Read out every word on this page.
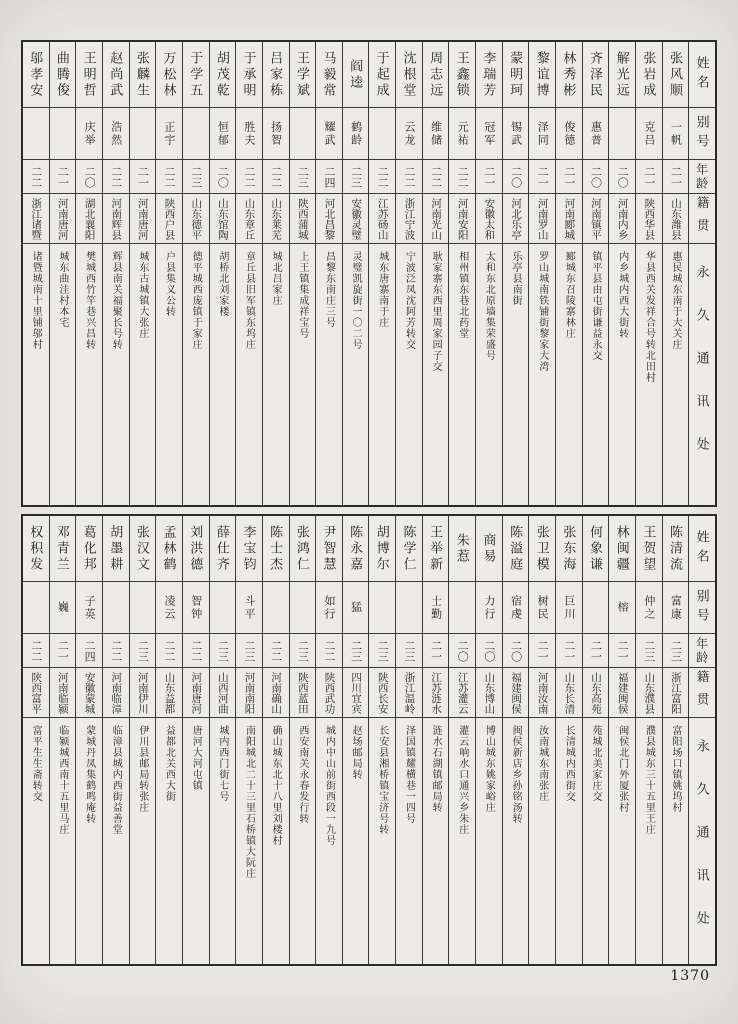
姓名
别号
年龄
籍贯
永久通讯处
张风顺
一帆
二一
山东潍县
惠民城东南于大关庄
张岩成
克吕
二一
陕西华县
华县西关发祥合号转北田村
解光远
二〇
河南内乡
内乡城内西大街转
齐泽民
惠普
二〇
河南镇平
镇平县由屯街谦益永交
林秀彬
俊德
二一
河南郾城
郾城东召陵寨林庄
黎谊博
泽同
二一
河南罗山
罗山城南铁铺街黎家大湾
蒙明珂
锡武
二〇
河北乐亭
乐亭县南街
李瑞芳
冠军
二一
安徽太和
太和东北原墙集荣盛号
王鑫锁
元祐
二二
河南安阳
相州镇东巷北药堂
周志远
维储
二二
河南光山
耿家寨东西里周家园子交
沈根堂
云龙
二二
浙江宁波
宁波泛凤沈阿芳转交
于起成
二二
江苏砀山
城东唐寨南于庄
阎逵
鹤龄
二三
安徽灵璧
灵璧凯旋街一〇二号
马毅常
耀武
二四
河北昌黎
昌黎东南庄三号
王学斌
二三
陕西蒲城
上王镇集成祥宝号
吕家栋
扬智
二二
山东莱芜
城北吕家庄
于承明
胜夫
二二
山东章丘
章丘县旧军镇东坞庄
胡茂乾
恒郁
二〇
山东馆陶
胡桥北刘家楼
于学五
二三
山东德平
德平城西庞镇于家庄
万松林
正宇
二二
陕西户县
户县集义公转
张麟生
二一
河南唐河
城东古城镇大张庄
赵尚武
浩然
二二
河南辉县
辉县南关福聚长号转
王明哲
庆举
二〇
湖北襄阳
樊城西竹竿巷兴昌转
曲腾俊
二一
河南唐河
城东曲洼村本宅
邬孝安
二二
浙江诸暨
诸暨城南十里铺邬村
姓名
别号
年龄
籍贯
永久通讯处
陈清流
富康
二三
浙江富阳
富阳场口镇姚坞村
王贺望
仲之
二三
山东濮县
濮县城东三十五里王庄
林闽疆
榕
二一
福建闽侯
闽侯北门外厦张村
何象谦
二一
山东高苑
苑城北美家庄交
张东海
巨川
二一
山东长清
长清城内西街交
张卫模
树民
二一
河南汝南
汝南城东南张庄
陈溢庭
宿虔
二〇
福建闽侯
闽侯新店乡孙铭汤转
商易
力行
二〇
山东博山
博山城东姚家峪庄
朱惹
二〇
江苏灌云
灌云响水口通兴乡朱庄
王举新
士勤
二一
江苏涟水
涟水石湖镇邮局转
陈学仁
二三
浙江温岭
泽国镇耀横巷一四号
胡博尔
二三
陕西长安
长安县湘桥镇宝济号转
陈永嘉
猛
二三
四川宜宾
赵场邮局转
尹智慧
如行
二二
陕西武功
城内中山前街西段一九号
张鸿仁
二三
陕西蓝田
西安南关永春发行转
陈士杰
二二
河南确山
确山城东北十八里刘楼村
李宝钧
斗平
二三
河南南阳
南阳城北二十三里石桥镇大阮庄
薛仕齐
二三
山西河曲
城内西门街七号
刘洪德
智钟
二二
河南唐河
唐河大河屯镇
孟林鹤
凌云
二二
山东益都
益都北关西大街
张汉文
二三
河南伊川
伊川县邮局转张庄
胡墨耕
二二
河南临漳
临漳县城内西街益善堂
葛化邦
子英
二四
安徽蒙城
蒙城丹凤集鹤鸣庵转
邓青兰
巍
二一
河南临颍
临颍城西南十五里马庄
权积发
二二
陕西富平
富平生生斋转交
1370
